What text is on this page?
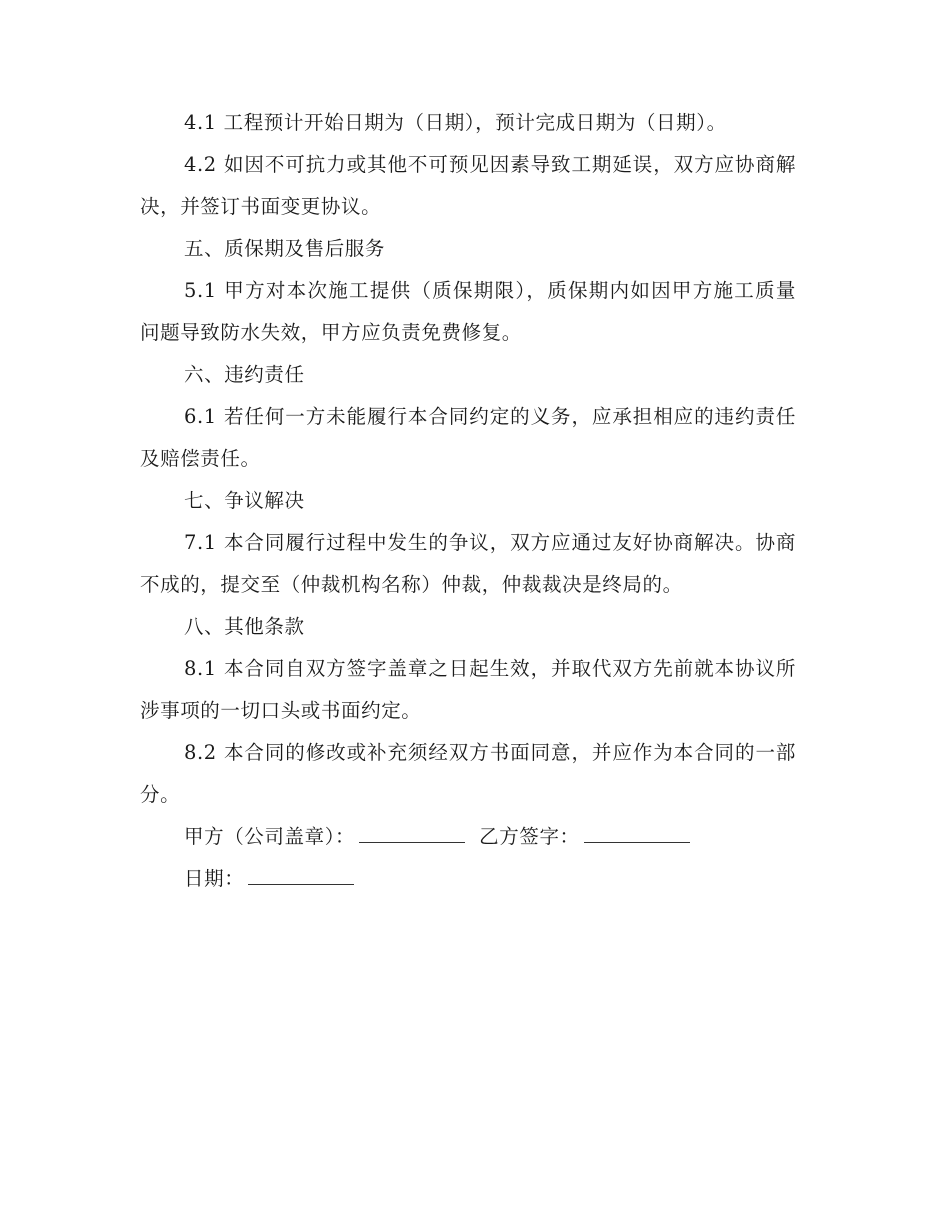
4.1 工程预计开始日期为（日期），预计完成日期为（日期）。

4.2 如因不可抗力或其他不可预见因素导致工期延误，双方应协商解决，并签订书面变更协议。

五、质保期及售后服务

5.1 甲方对本次施工提供（质保期限），质保期内如因甲方施工质量问题导致防水失效，甲方应负责免费修复。

六、违约责任

6.1 若任何一方未能履行本合同约定的义务，应承担相应的违约责任及赔偿责任。

七、争议解决

7.1 本合同履行过程中发生的争议，双方应通过友好协商解决。协商不成的，提交至（仲裁机构名称）仲裁，仲裁裁决是终局的。

八、其他条款

8.1 本合同自双方签字盖章之日起生效，并取代双方先前就本协议所涉事项的一切口头或书面约定。

8.2 本合同的修改或补充须经双方书面同意，并应作为本合同的一部分。

甲方（公司盖章）：	乙方签字：

日期：
